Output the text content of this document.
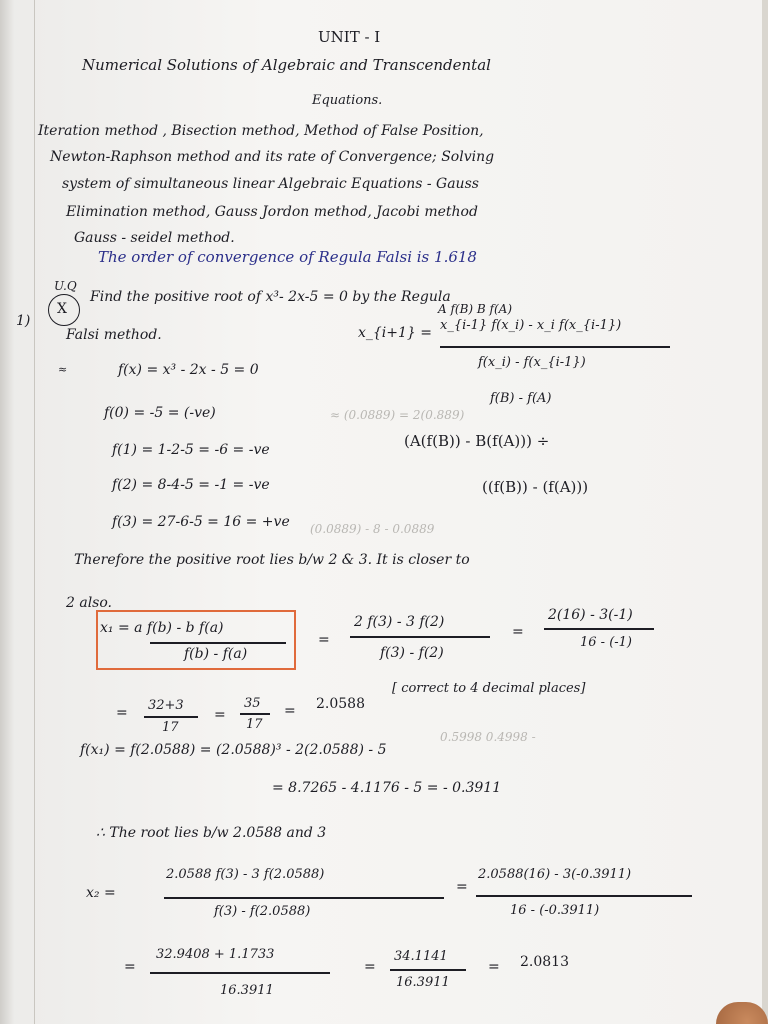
≈ (0.0889) = 2(0.889)
(0.0889) - 8 - 0.0889
0.5998 0.4998 -
UNIT - I
Numerical Solutions of Algebraic and Transcendental
Equations.
Iteration method , Bisection method, Method of False Position,
Newton-Raphson method and its rate of Convergence; Solving
system of simultaneous linear Algebraic Equations - Gauss
Elimination method, Gauss Jordon method, Jacobi method
Gauss - seidel method.
The order of convergence of Regula Falsi is 1.618
U.Q
1)
X
Find the positive root of x³- 2x-5 = 0 by the Regula
Falsi method.
A f(B) B f(A)
x_{i+1} = x_{i-1} f(x_i) - x_i f(x_{i-1})
f(x_i) - f(x_{i-1})
f(B) - f(A)
(A(f(B)) - B(f(A))) ÷
((f(B)) - (f(A)))
≈	f(x) = x³ - 2x - 5 = 0
f(0) = -5 = (-ve)
f(1) = 1-2-5 = -6 = -ve
f(2) = 8-4-5 = -1 = -ve
f(3) = 27-6-5 = 16 = +ve
Therefore the positive root lies b/w 2 & 3. It is closer to
2 also.
x₁ = a f(b) - b f(a)
f(b) - f(a)
=
2 f(3) - 3 f(2)
f(3) - f(2)
=
2(16) - 3(-1)
16 - (-1)
= 32+3
17
=
35
17
= 2.0588
[ correct to 4 decimal places]
f(x₁) = f(2.0588) = (2.0588)³ - 2(2.0588) - 5
= 8.7265 - 4.1176 - 5 = - 0.3911
∴ The root lies b/w 2.0588 and 3
x₂ =
2.0588 f(3) - 3 f(2.0588)
f(3) - f(2.0588)
=
2.0588(16) - 3(-0.3911)
16 - (-0.3911)
=
32.9408 + 1.1733
16.3911
=
34.1141
16.3911
= 2.0813
